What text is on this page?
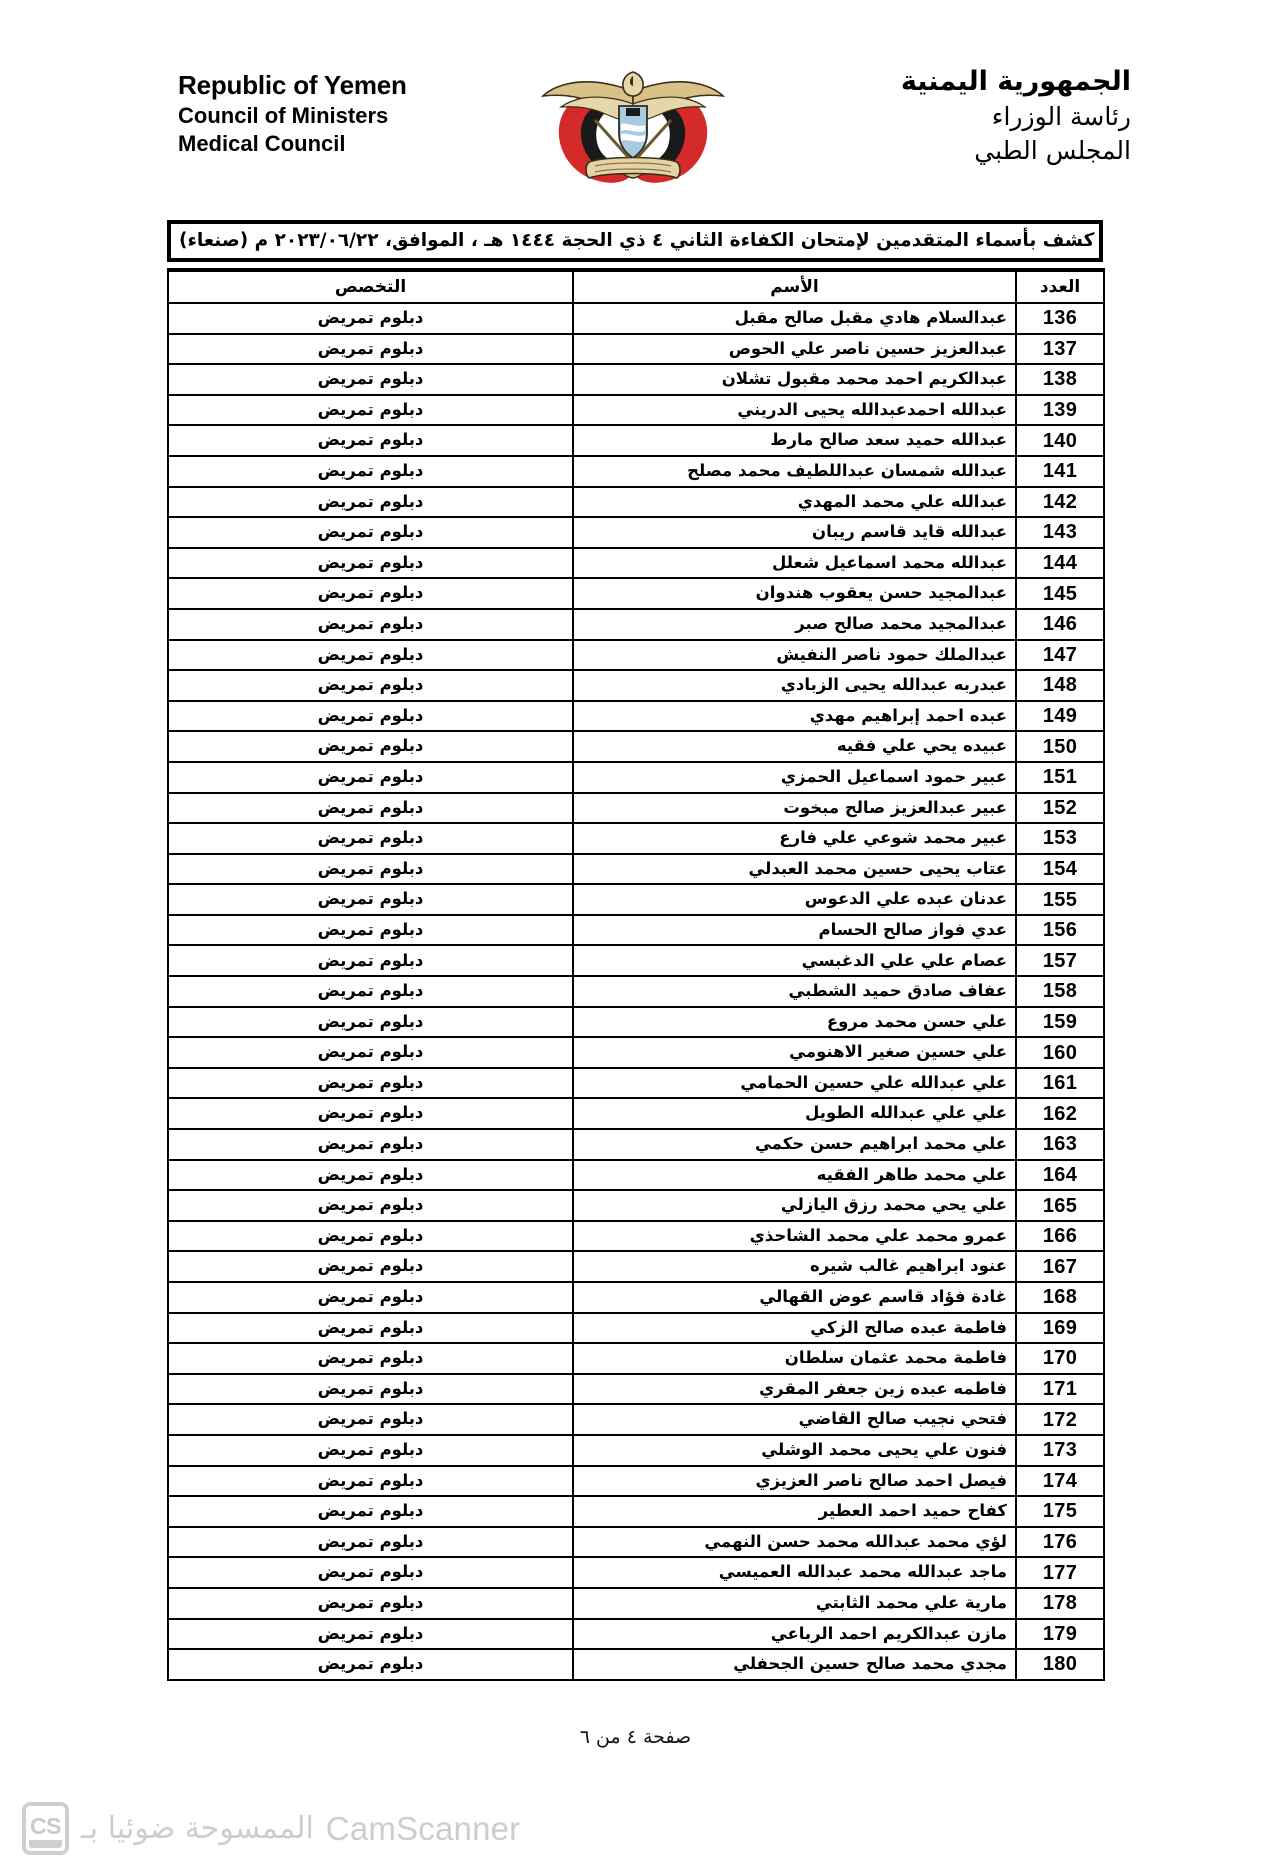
Republic of Yemen
Council of Ministers
Medical Council
الجمهورية اليمنية
رئاسة الوزراء
المجلس الطبي
كشف بأسماء المتقدمين لإمتحان الكفاءة الثاني ٤ ذي الحجة ١٤٤٤ هـ ، الموافق، ٢٠٢٣/٠٦/٢٢ م (صنعاء)
العدد	الأسم	التخصص
136	عبدالسلام هادي مقبل صالح مقبل	دبلوم تمريض
137	عبدالعزيز حسين ناصر علي الحوص	دبلوم تمريض
138	عبدالكريم احمد محمد مقبول تشلان	دبلوم تمريض
139	عبدالله احمدعبدالله يحيى الدريني	دبلوم تمريض
140	عبدالله حميد سعد صالح مارط	دبلوم تمريض
141	عبدالله شمسان عبداللطيف محمد مصلح	دبلوم تمريض
142	عبدالله علي محمد المهدي	دبلوم تمريض
143	عبدالله قايد قاسم ريبان	دبلوم تمريض
144	عبدالله محمد اسماعيل شعلل	دبلوم تمريض
145	عبدالمجيد حسن يعقوب هندوان	دبلوم تمريض
146	عبدالمجيد محمد صالح صبر	دبلوم تمريض
147	عبدالملك حمود ناصر النفيش	دبلوم تمريض
148	عبدربه عبدالله يحيى الزبادي	دبلوم تمريض
149	عبده احمد إبراهيم مهدي	دبلوم تمريض
150	عبيده يحي علي فقيه	دبلوم تمريض
151	عبير حمود اسماعيل الحمزي	دبلوم تمريض
152	عبير عبدالعزيز صالح مبخوت	دبلوم تمريض
153	عبير محمد شوعي علي فارع	دبلوم تمريض
154	عتاب يحيى حسين محمد العبدلي	دبلوم تمريض
155	عدنان عبده علي الدعوس	دبلوم تمريض
156	عدي فواز صالح الحسام	دبلوم تمريض
157	عصام علي علي الدغبسي	دبلوم تمريض
158	عفاف صادق حميد الشطبي	دبلوم تمريض
159	علي حسن محمد مروع	دبلوم تمريض
160	علي حسين صغير الاهنومي	دبلوم تمريض
161	علي عبدالله علي حسين الحمامي	دبلوم تمريض
162	علي علي عبدالله الطويل	دبلوم تمريض
163	علي محمد ابراهيم حسن حكمي	دبلوم تمريض
164	علي محمد طاهر الفقيه	دبلوم تمريض
165	علي يحي محمد رزق اليازلي	دبلوم تمريض
166	عمرو محمد علي محمد الشاحذي	دبلوم تمريض
167	عنود ابراهيم غالب شيره	دبلوم تمريض
168	غادة فؤاد قاسم عوض القهالي	دبلوم تمريض
169	فاطمة عبده صالح الزكي	دبلوم تمريض
170	فاطمة محمد عثمان سلطان	دبلوم تمريض
171	فاطمه عبده زين جعفر المقري	دبلوم تمريض
172	فتحي نجيب صالح القاضي	دبلوم تمريض
173	فنون علي يحيى محمد الوشلي	دبلوم تمريض
174	فيصل احمد صالح ناصر العزيزي	دبلوم تمريض
175	كفاح حميد احمد العطير	دبلوم تمريض
176	لؤي محمد عبدالله محمد حسن النهمي	دبلوم تمريض
177	ماجد عبدالله محمد عبدالله العميسي	دبلوم تمريض
178	مارية علي محمد الثابتي	دبلوم تمريض
179	مازن عبدالكريم احمد الرباعي	دبلوم تمريض
180	مجدي محمد صالح حسين الجحفلي	دبلوم تمريض
صفحة ٤ من ٦
CS الممسوحة ضوئيا بـ CamScanner
